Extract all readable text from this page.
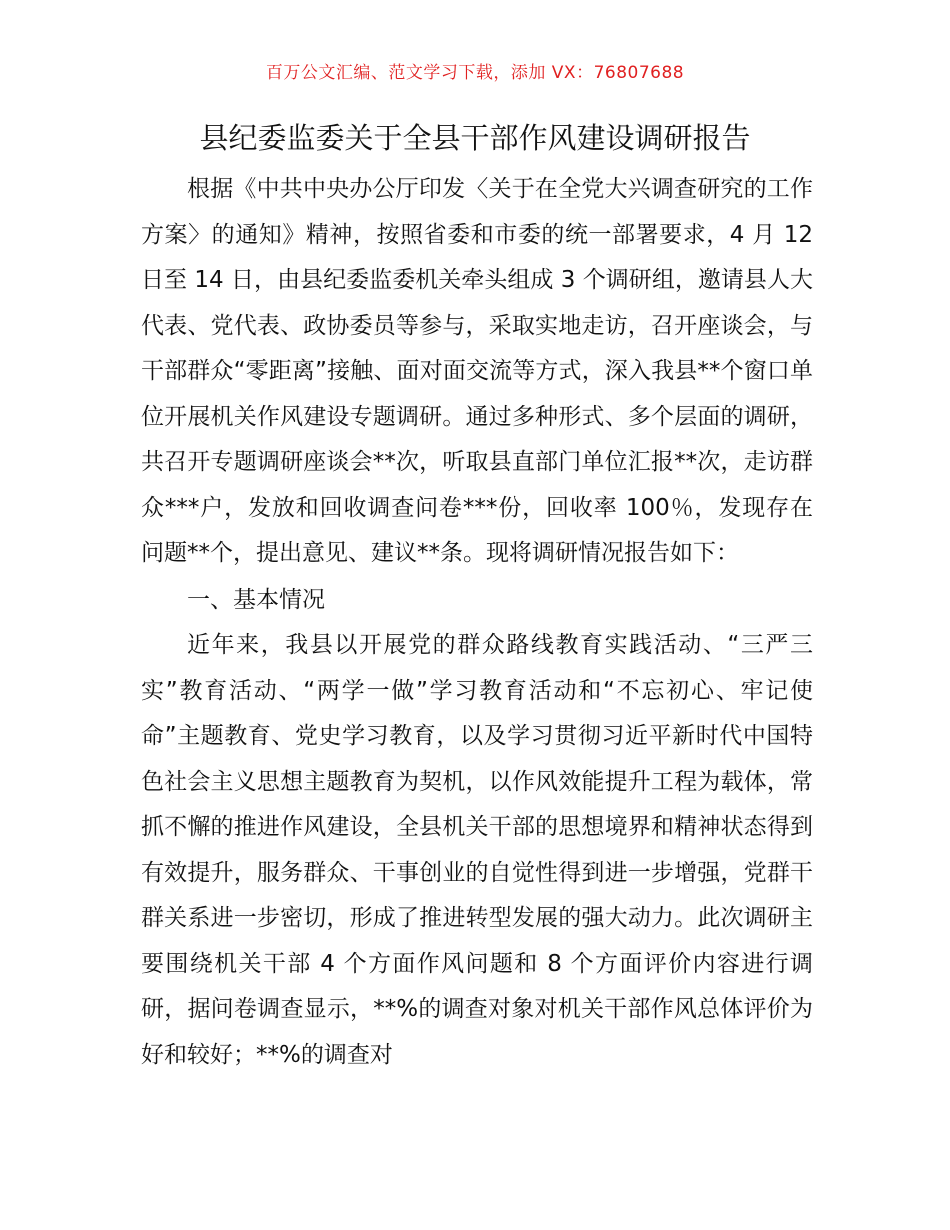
百万公文汇编、范文学习下载，添加 VX：76807688
县纪委监委关于全县干部作风建设调研报告

根据《中共中央办公厅印发〈关于在全党大兴调查研究的工作方案〉的通知》精神，按照省委和市委的统一部署要求，4 月 12 日至 14 日，由县纪委监委机关牵头组成 3 个调研组，邀请县人大代表、党代表、政协委员等参与，采取实地走访，召开座谈会，与干部群众“零距离”接触、面对面交流等方式，深入我县**个窗口单位开展机关作风建设专题调研。通过多种形式、多个层面的调研，共召开专题调研座谈会**次，听取县直部门单位汇报**次，走访群众***户，发放和回收调查问卷***份，回收率 100％，发现存在问题**个，提出意见、建议**条。现将调研情况报告如下：

一、基本情况

近年来，我县以开展党的群众路线教育实践活动、“三严三实”教育活动、“两学一做”学习教育活动和“不忘初心、牢记使命”主题教育、党史学习教育，以及学习贯彻习近平新时代中国特色社会主义思想主题教育为契机，以作风效能提升工程为载体，常抓不懈的推进作风建设，全县机关干部的思想境界和精神状态得到有效提升，服务群众、干事创业的自觉性得到进一步增强，党群干群关系进一步密切，形成了推进转型发展的强大动力。此次调研主要围绕机关干部 4 个方面作风问题和 8 个方面评价内容进行调研，据问卷调查显示，**%的调查对象对机关干部作风总体评价为好和较好；**%的调查对
